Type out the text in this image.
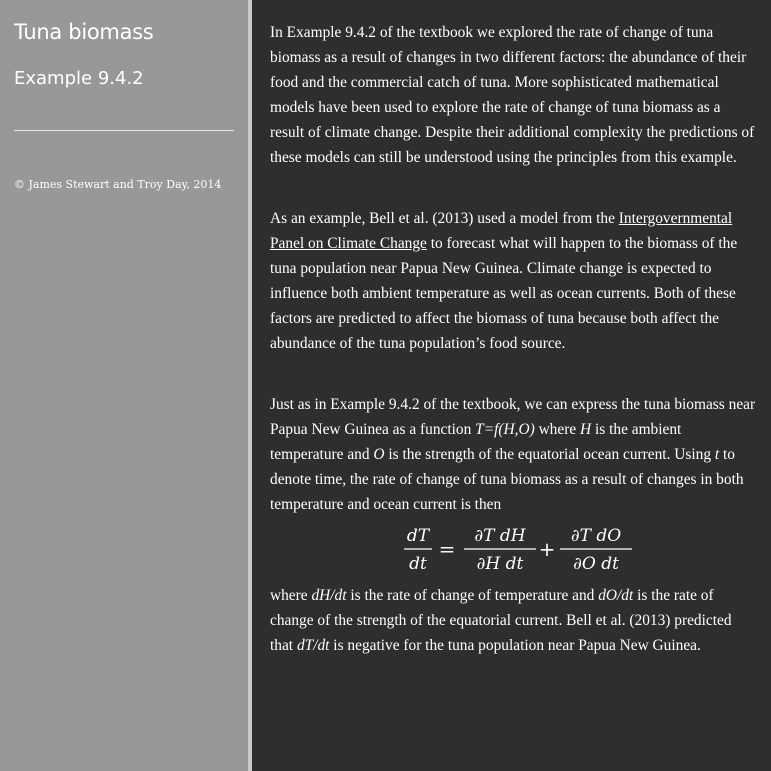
Tuna biomass
Example 9.4.2
© James Stewart and Troy Day, 2014

In Example 9.4.2 of the textbook we explored the rate of change of tuna biomass as a result of changes in two different factors: the abundance of their food and the commercial catch of tuna. More sophisticated mathematical models have been used to explore the rate of change of tuna biomass as a result of climate change. Despite their additional complexity the predictions of these models can still be understood using the principles from this example.

As an example, Bell et al. (2013) used a model from the Intergovernmental Panel on Climate Change to forecast what will happen to the biomass of the tuna population near Papua New Guinea. Climate change is expected to influence both ambient temperature as well as ocean currents. Both of these factors are predicted to affect the biomass of tuna because both affect the abundance of the tuna population’s food source.

Just as in Example 9.4.2 of the textbook, we can express the tuna biomass near Papua New Guinea as a function T=f(H,O) where H is the ambient temperature and O is the strength of the equatorial ocean current. Using t to denote time, the rate of change of tuna biomass as a result of changes in both temperature and ocean current is then

dT
dt
=
∂T dH
∂H dt
+
∂T dO
∂O dt

where dH/dt is the rate of change of temperature and dO/dt is the rate of change of the strength of the equatorial current. Bell et al. (2013) predicted that dT/dt is negative for the tuna population near Papua New Guinea.
